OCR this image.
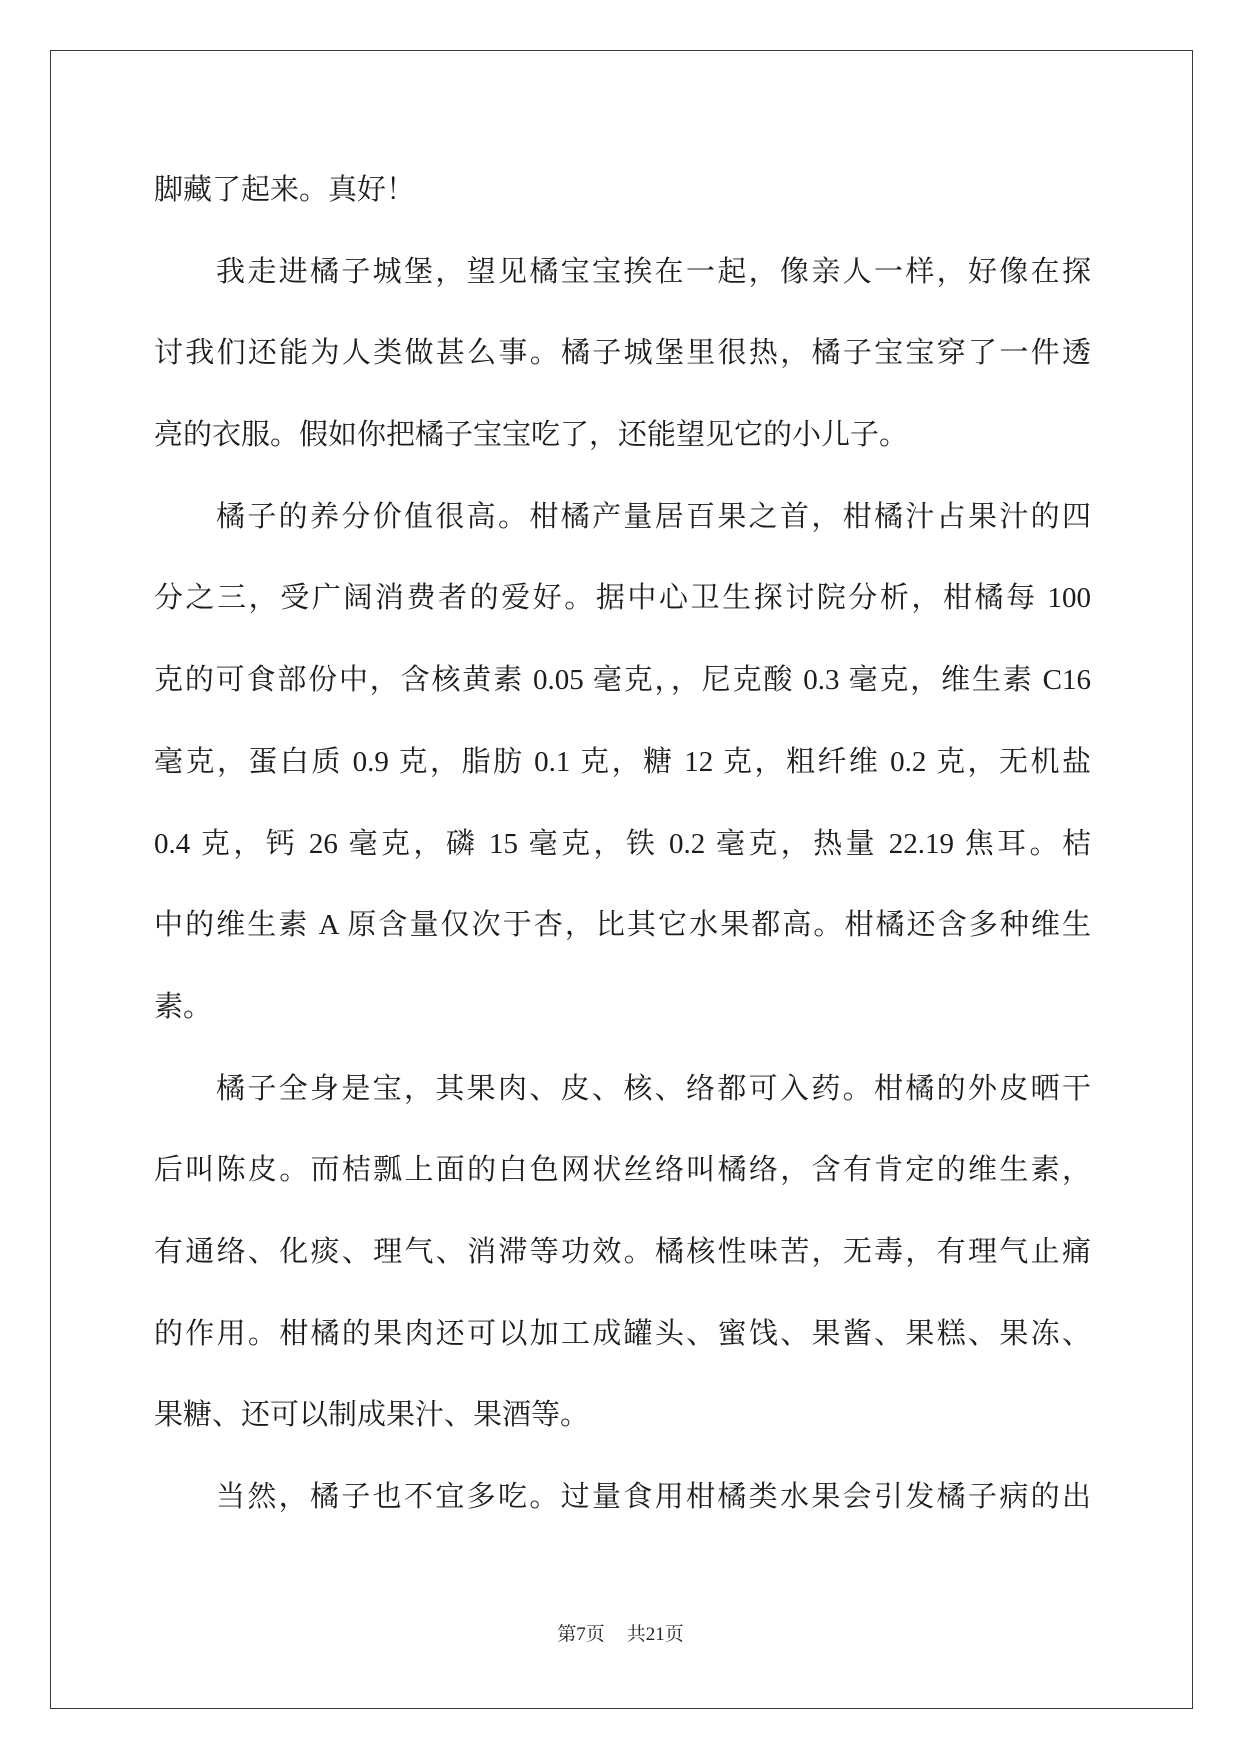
脚藏了起来。真好！
我走进橘子城堡，望见橘宝宝挨在一起，像亲人一样，好像在探
讨我们还能为人类做甚么事。橘子城堡里很热，橘子宝宝穿了一件透
亮的衣服。假如你把橘子宝宝吃了，还能望见它的小儿子。
橘子的养分价值很高。柑橘产量居百果之首，柑橘汁占果汁的四
分之三，受广阔消费者的爱好。据中心卫生探讨院分析，柑橘每 100
克的可食部份中，含核黄素 0.05 毫克，，尼克酸 0.3 毫克，维生素 C16
毫克，蛋白质 0.9 克，脂肪 0.1 克，糖 12 克，粗纤维 0.2 克，无机盐
0.4 克，钙 26 毫克，磷 15 毫克，铁 0.2 毫克，热量 22.19 焦耳。桔
中的维生素 A 原含量仅次于杏，比其它水果都高。柑橘还含多种维生
素。
橘子全身是宝，其果肉、皮、核、络都可入药。柑橘的外皮晒干
后叫陈皮。而桔瓢上面的白色网状丝络叫橘络，含有肯定的维生素，
有通络、化痰、理气、消滞等功效。橘核性味苦，无毒，有理气止痛
的作用。柑橘的果肉还可以加工成罐头、蜜饯、果酱、果糕、果冻、
果糖、还可以制成果汁、果酒等。
当然，橘子也不宜多吃。过量食用柑橘类水果会引发橘子病的出
第7页 共21页
